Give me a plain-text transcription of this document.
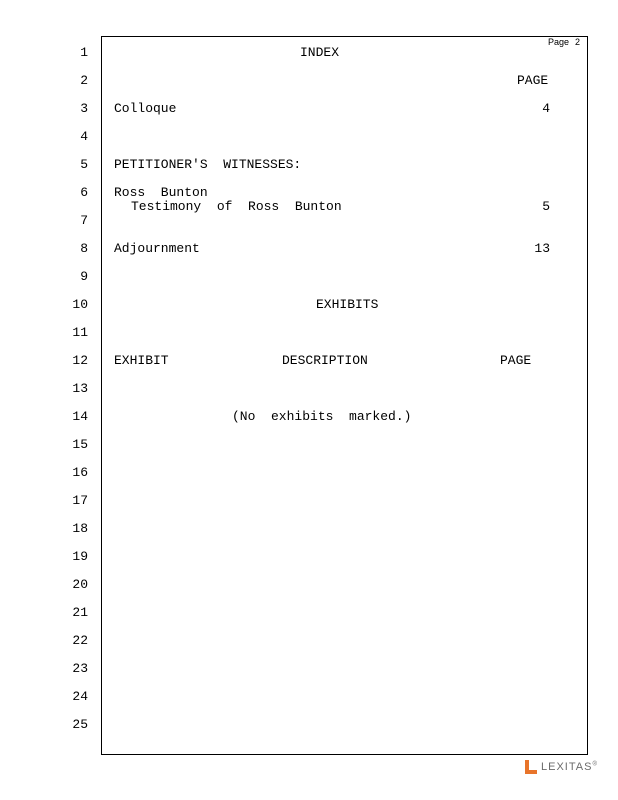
Page 2
1
2
3
4
5
6
7
8
9
10
11
12
13
14
15
16
17
18
19
20
21
22
23
24
25
INDEX
PAGE
Colloque	4
PETITIONER'S  WITNESSES:
Ross  Bunton
Testimony  of  Ross  Bunton	5
Adjournment	13
EXHIBITS
EXHIBIT	DESCRIPTION	PAGE
(No  exhibits  marked.)
LEXITAS®
